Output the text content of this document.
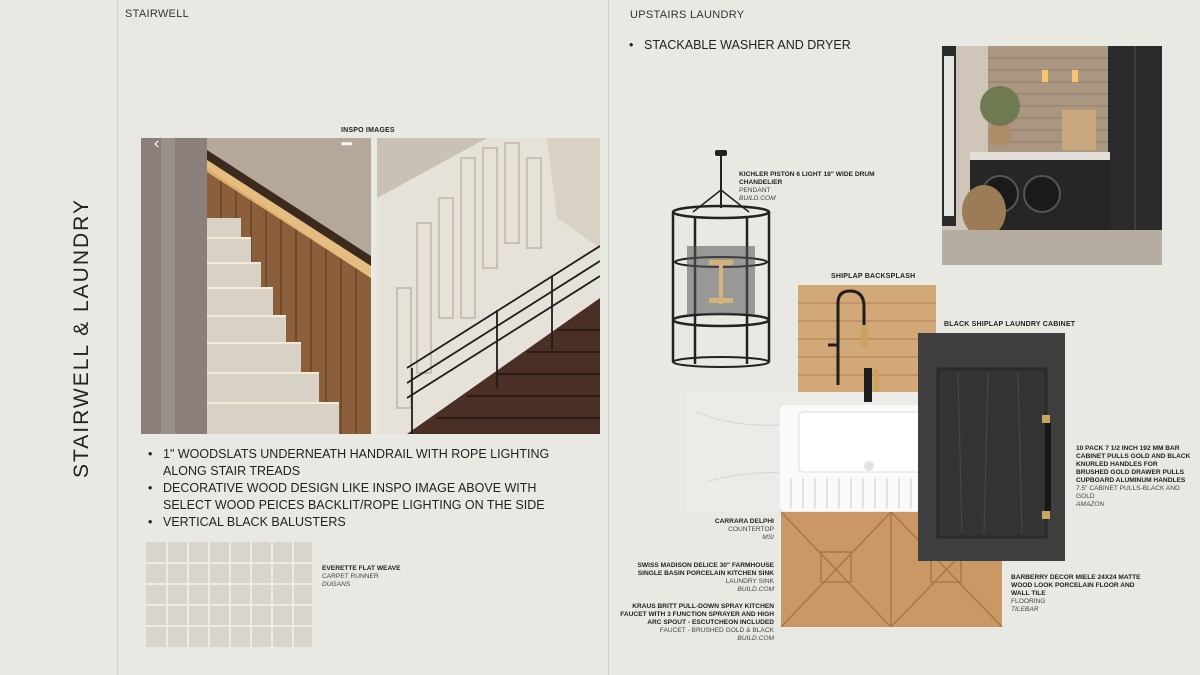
STAIRWELL & LAUNDRY
STAIRWELL
INSPO IMAGES
‹	•••
• 1" WOODSLATS UNDERNEATH HANDRAIL WITH ROPE LIGHTING ALONG STAIR TREADS
• DECORATIVE WOOD DESIGN LIKE INSPO IMAGE ABOVE WITH SELECT WOOD PEICES BACKLIT/ROPE LIGHTING ON THE SIDE
• VERTICAL BLACK BALUSTERS
EVERETTE FLAT WEAVE
CARPET RUNNER
DUGANS
UPSTAIRS LAUNDRY
• STACKABLE WASHER AND DRYER
KICHLER PISTON 6 LIGHT 18" WIDE DRUM CHANDELIER
PENDANT
BUILD.COM
SHIPLAP BACKSPLASH
BLACK SHIPLAP LAUNDRY CABINET
10 PACK 7 1/2 INCH 192 MM BAR CABINET PULLS GOLD AND BLACK KNURLED HANDLES FOR BRUSHED GOLD DRAWER PULLS CUPBOARD ALUMINUM HANDLES
7.5" CABINET PULLS-BLACK AND GOLD
AMAZON
CARRARA DELPHI
COUNTERTOP
MSI
SWISS MADISON DELICE 30" FARMHOUSE SINGLE BASIN PORCELAIN KITCHEN SINK
LAUNDRY SINK
BUILD.COM
KRAUS BRITT PULL-DOWN SPRAY KITCHEN FAUCET WITH 3 FUNCTION SPRAYER AND HIGH ARC SPOUT - ESCUTCHEON INCLUDED
FAUCET - BRUSHED GOLD & BLACK
BUILD.COM
BARBERRY DECOR MIELE 24X24 MATTE WOOD LOOK PORCELAIN FLOOR AND WALL TILE
FLOORING
TILEBAR
